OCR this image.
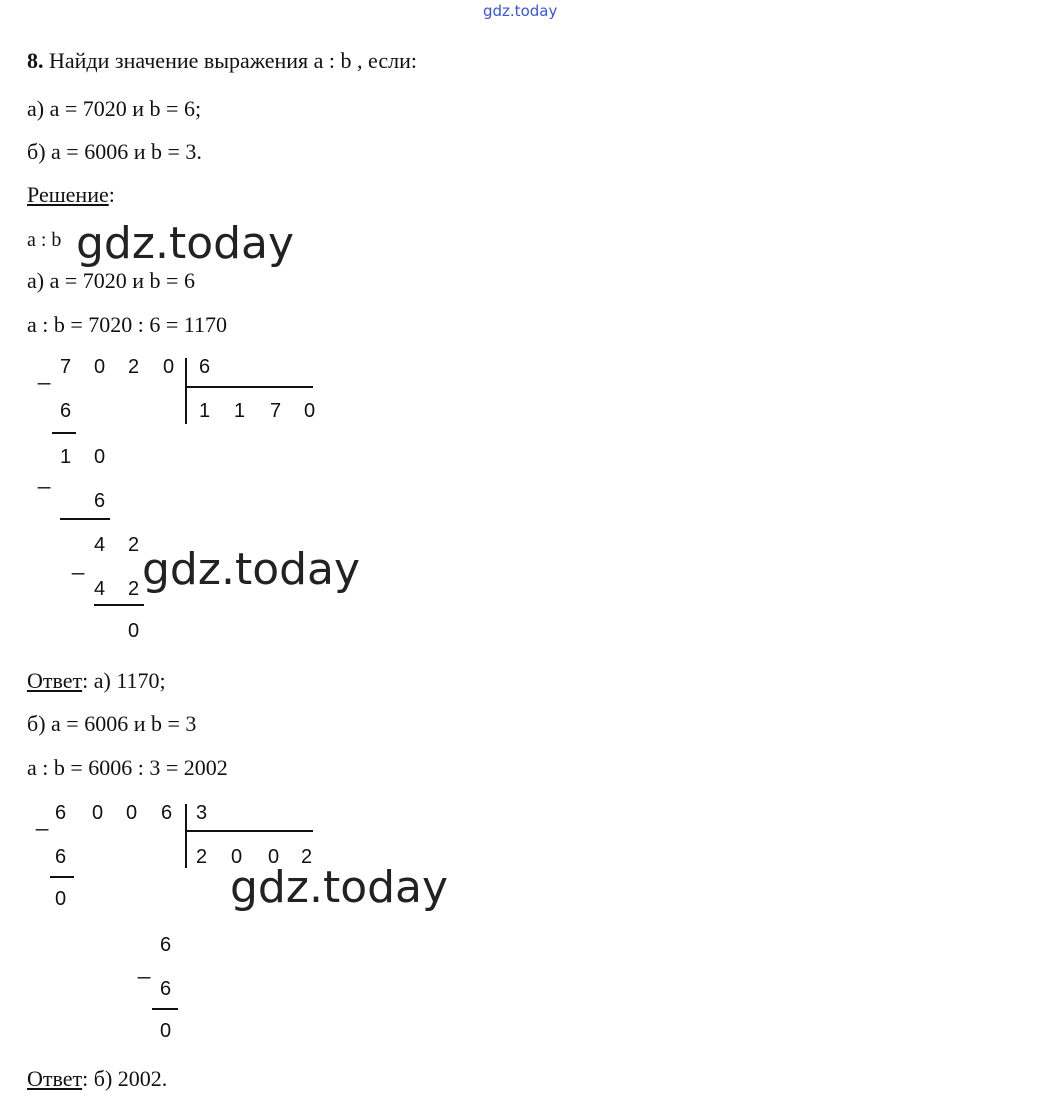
gdz.today
8. Найди значение выражения a : b , если:
а) a = 7020 и b = 6;
б) a = 6006 и b = 3.
Решение:
a : b gdz.today
а) a = 7020 и b = 6
a : b = 7020 : 6 = 1170
_ 7 0 2 0 6
1 1 7 0
6
_
1 0
6
_
4 2
4 2
0
gdz.today
Ответ: а) 1170;
б) a = 6006 и b = 3
a : b = 6006 : 3 = 2002
_ 6 0 0 6 3
2 0 0 2
6
0
_
6
6
0
gdz.today
Ответ: б) 2002.
